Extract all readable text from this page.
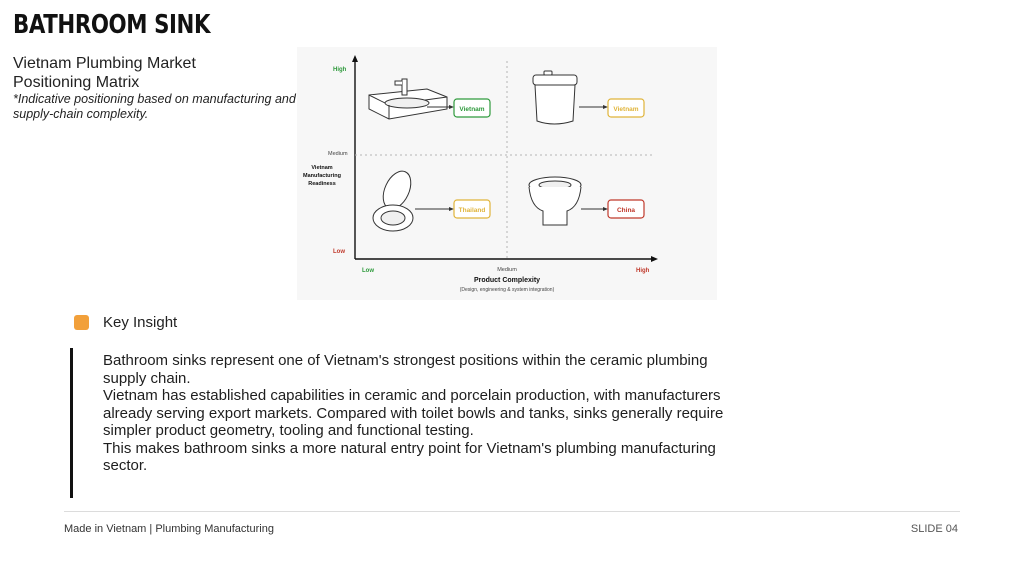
BATHROOM SINK
Vietnam Plumbing Market Positioning Matrix
*Indicative positioning based on manufacturing and supply-chain complexity.
High
Medium
Low
Vietnam
Manufacturing
Readiness
Low	Medium	High
Product Complexity
(Design, engineering & system integration)
Vietnam	Vietnam
Thailand	China
Key Insight

Bathroom sinks represent one of Vietnam's strongest positions within the ceramic plumbing supply chain.

Vietnam has established capabilities in ceramic and porcelain production, with manufacturers already serving export markets. Compared with toilet bowls and tanks, sinks generally require simpler product geometry, tooling and functional testing.

This makes bathroom sinks a more natural entry point for Vietnam's plumbing manufacturing sector.

Made in Vietnam | Plumbing Manufacturing	SLIDE 04
